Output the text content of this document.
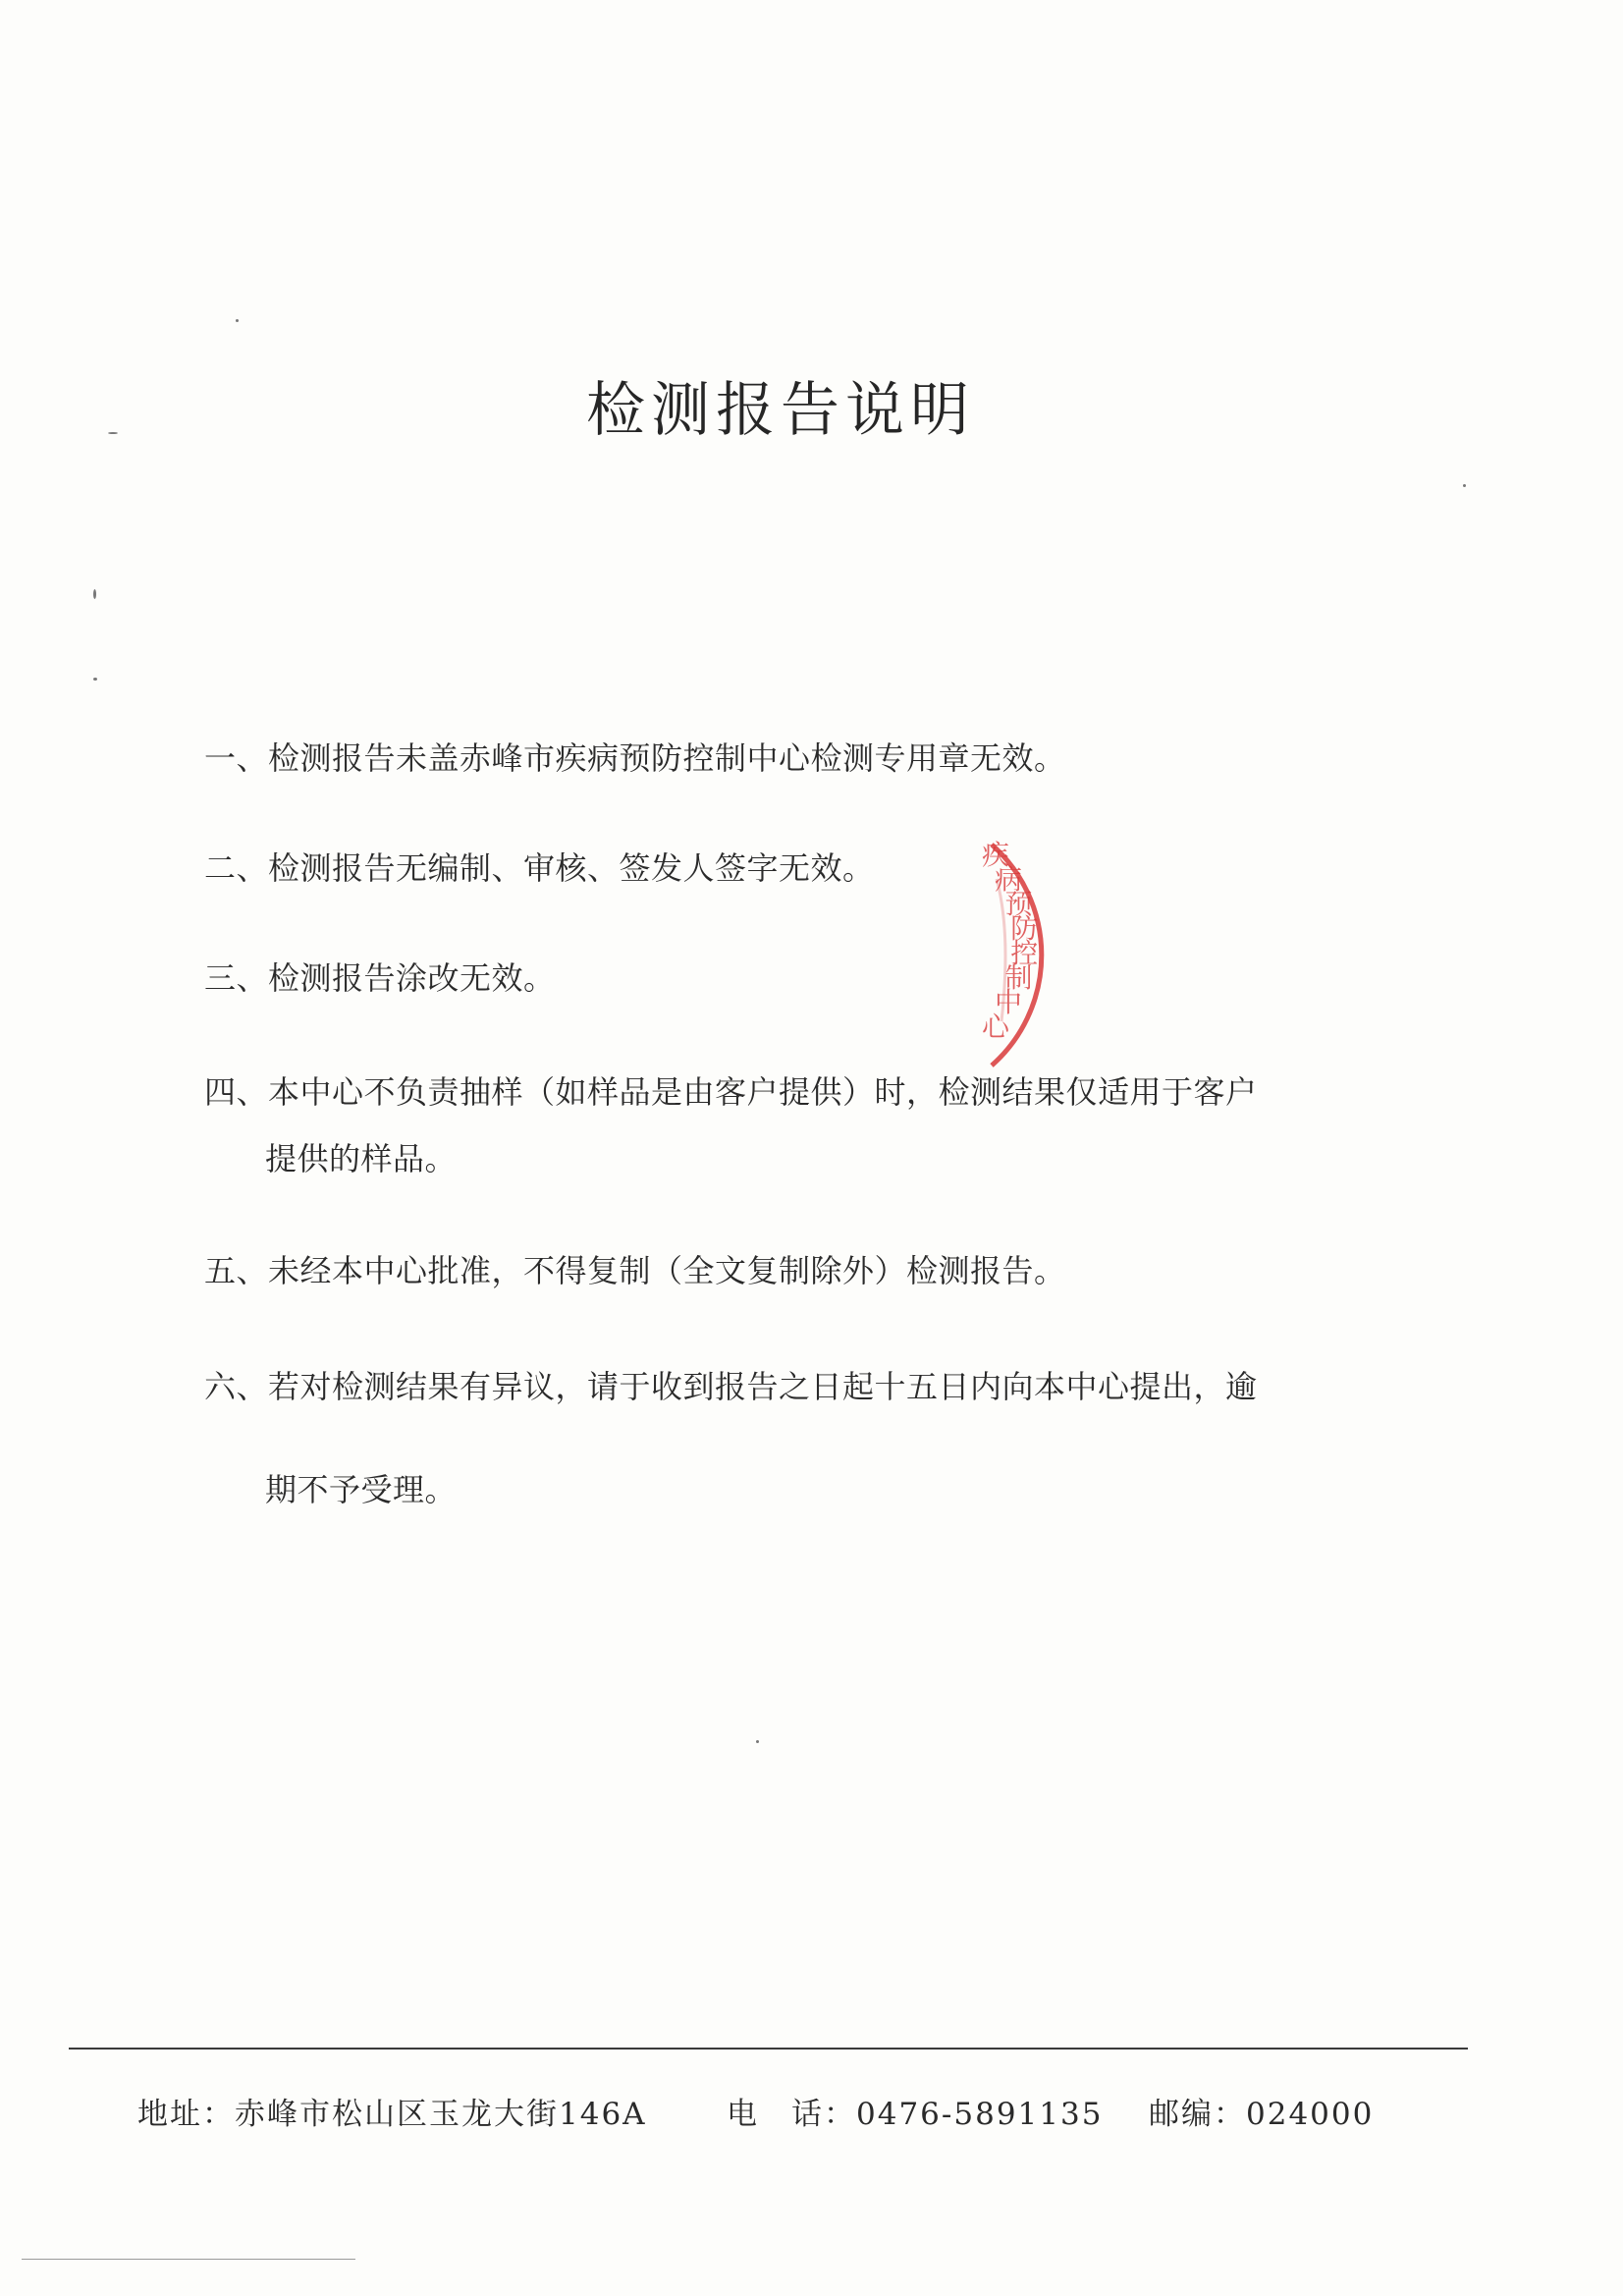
检测报告说明
一、检测报告未盖赤峰市疾病预防控制中心检测专用章无效。
二、检测报告无编制、审核、签发人签字无效。
三、检测报告涂改无效。
四、本中心不负责抽样（如样品是由客户提供）时，检测结果仅适用于客户
提供的样品。
五、未经本中心批准，不得复制（全文复制除外）检测报告。
六、若对检测结果有异议，请于收到报告之日起十五日内向本中心提出，逾
期不予受理。
疾病预防控制中心
地址：赤峰市松山区玉龙大街146A	电　话：0476-5891135 邮编：024000
